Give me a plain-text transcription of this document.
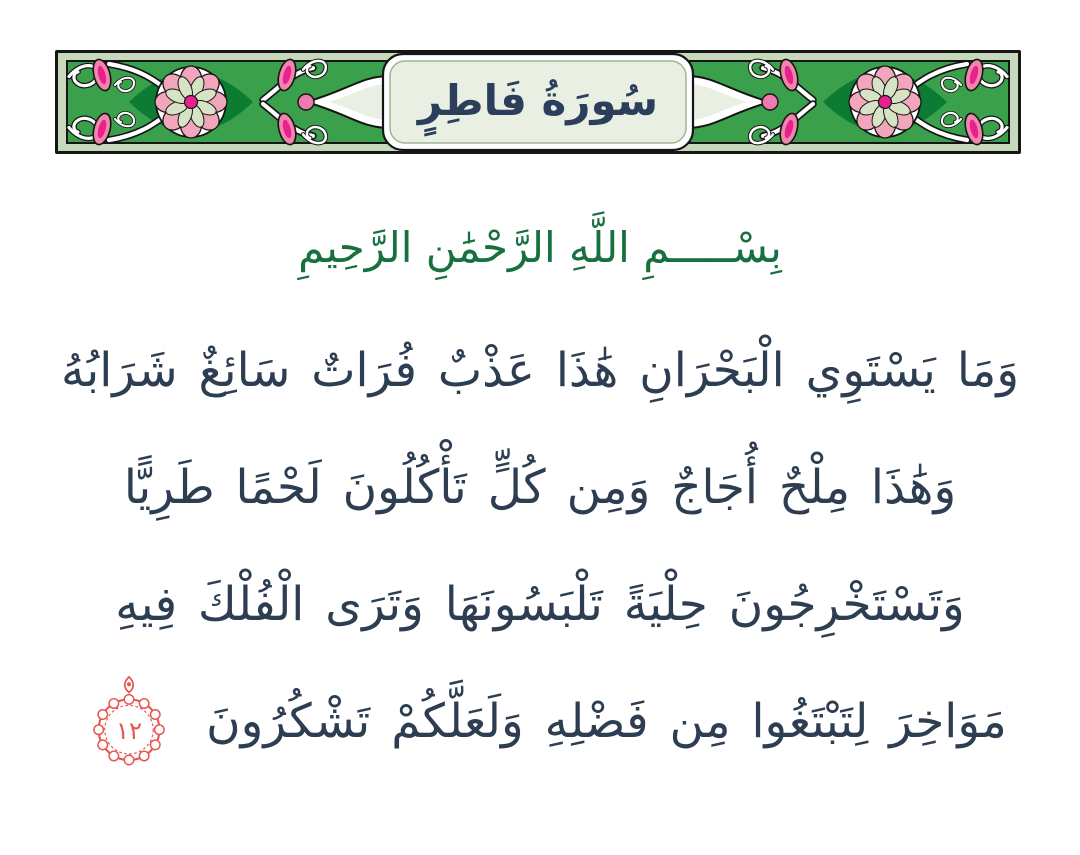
سُورَةُ فَاطِرٍ
بِسْـــــمِ اللَّهِ الرَّحْمَٰنِ الرَّحِيمِ
وَمَا يَسْتَوِي الْبَحْرَانِ هَٰذَا عَذْبٌ فُرَاتٌ سَائِغٌ شَرَابُهُ
وَهَٰذَا مِلْحٌ أُجَاجٌ وَمِن كُلٍّ تَأْكُلُونَ لَحْمًا طَرِيًّا
وَتَسْتَخْرِجُونَ حِلْيَةً تَلْبَسُونَهَا وَتَرَى الْفُلْكَ فِيهِ
مَوَاخِرَ لِتَبْتَغُوا مِن فَضْلِهِ وَلَعَلَّكُمْ تَشْكُرُونَ
١٢
